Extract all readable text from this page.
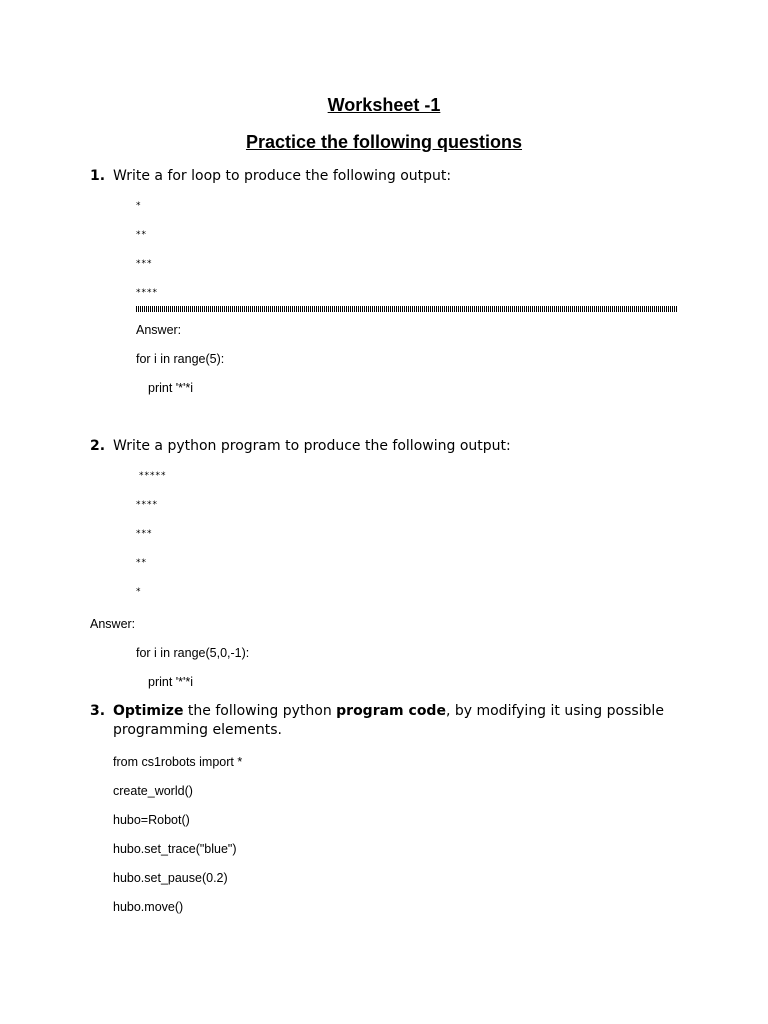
Worksheet -1
Practice the following questions
1. Write a for loop to produce the following output:
*
**
***
****
Answer:
for i in range(5):
print '*'*i
2. Write a python program to produce the following output:
*****
****
***
**
*
Answer:
for i in range(5,0,-1):
print '*'*i
3. Optimize the following python program code, by modifying it using possible
programming elements.
from cs1robots import *
create_world()
hubo=Robot()
hubo.set_trace("blue")
hubo.set_pause(0.2)
hubo.move()
